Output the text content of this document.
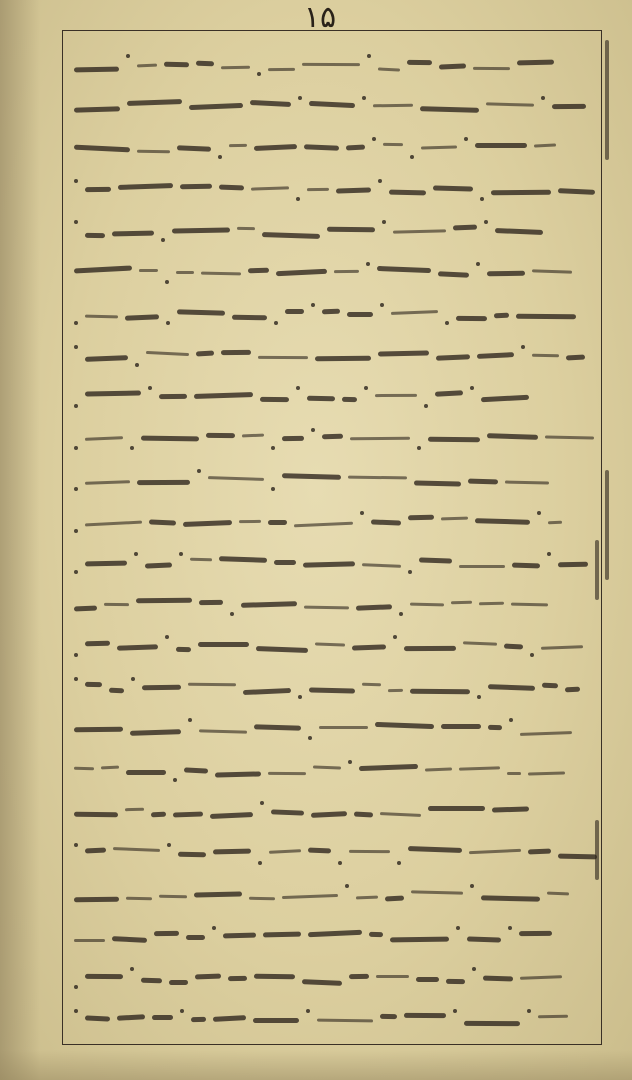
١۵
